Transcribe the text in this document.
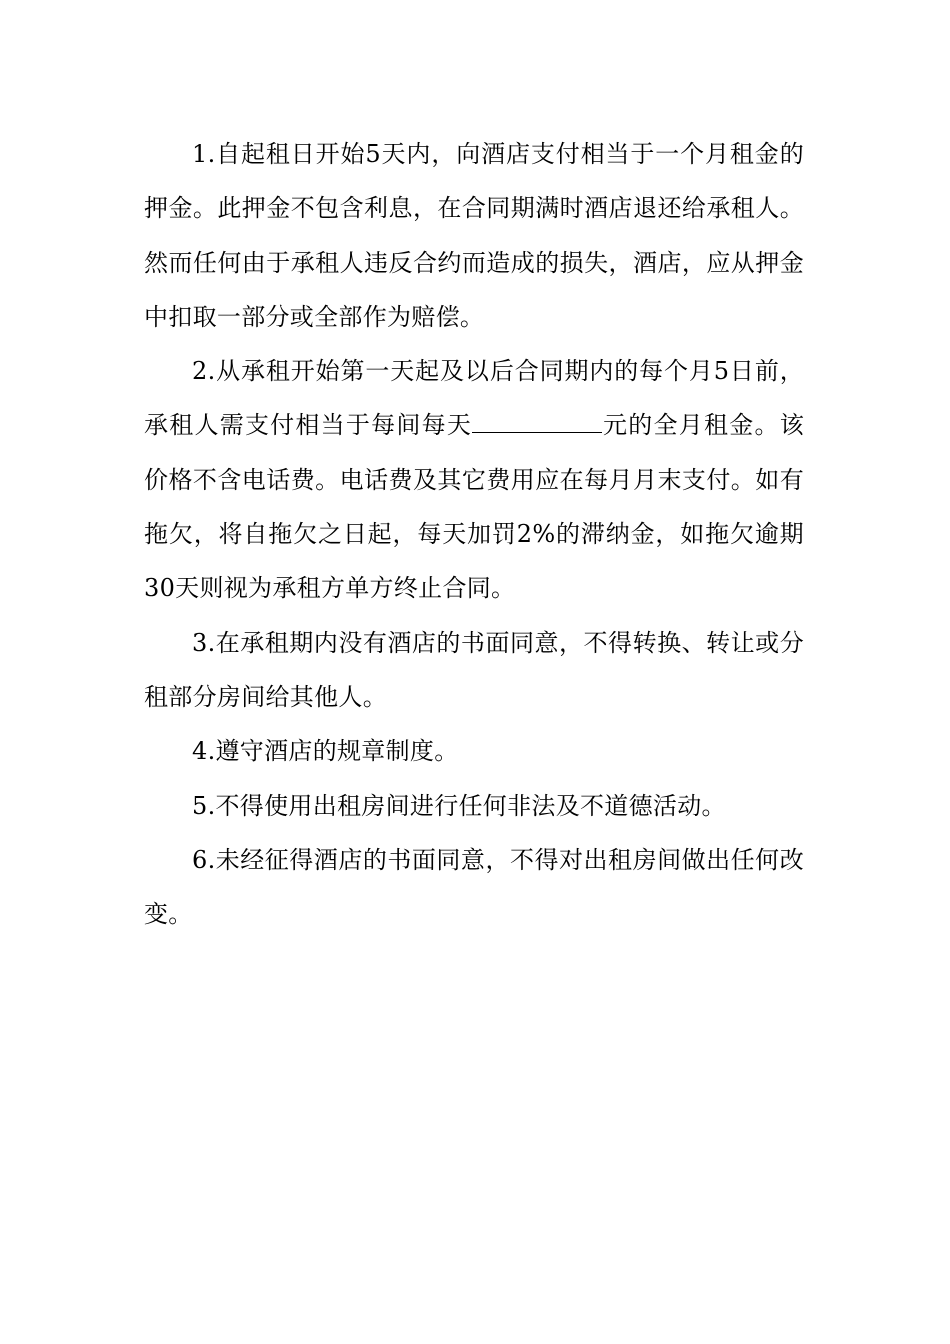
1.自起租日开始5天内，向酒店支付相当于一个月租金的押金。此押金不包含利息，在合同期满时酒店退还给承租人。然而任何由于承租人违反合约而造成的损失，酒店，应从押金中扣取一部分或全部作为赔偿。

2.从承租开始第一天起及以后合同期内的每个月5日前，承租人需支付相当于每间每天	元的全月租金。该价格不含电话费。电话费及其它费用应在每月月末支付。如有拖欠，将自拖欠之日起，每天加罚2%的滞纳金，如拖欠逾期30天则视为承租方单方终止合同。

3.在承租期内没有酒店的书面同意，不得转换、转让或分租部分房间给其他人。

4.遵守酒店的规章制度。

5.不得使用出租房间进行任何非法及不道德活动。

6.未经征得酒店的书面同意，不得对出租房间做出任何改变。
